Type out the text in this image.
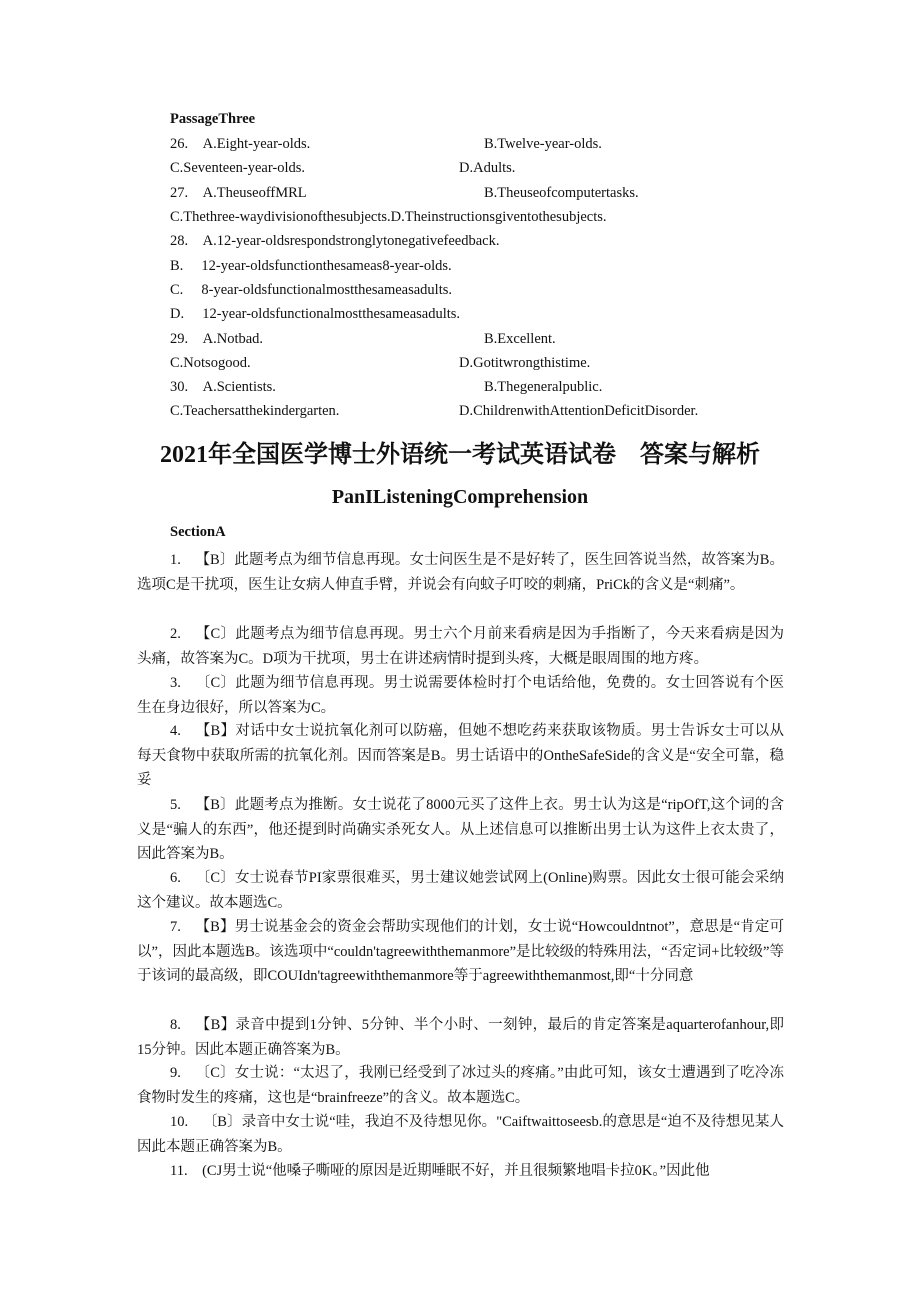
PassageThree
26. A.Eight-year-olds.	B.Twelve-year-olds.
C.Seventeen-year-olds.	D.Adults.
27. A.TheuseoffMRL	B.Theuseofcomputertasks.
C.Thethree-waydivisionofthesubjects.D.Theinstructionsgiventothesubjects.
28. A.12-year-oldsrespondstronglytonegativefeedback.
B.  12-year-oldsfunctionthesameas8-year-olds.
C.  8-year-oldsfunctionalmostthesameasadults.
D.  12-year-oldsfunctionalmostthesameasadults.
29. A.Notbad.	B.Excellent.
C.Notsogood.	D.Gotitwrongthistime.
30. A.Scientists.	B.Thegeneralpublic.
C.Teachersatthekindergarten.	D.ChildrenwithAttentionDeficitDisorder.
2021年全国医学博士外语统一考试英语试卷　答案与解析
PanIListeningComprehension
SectionA
1. 【B〕此题考点为细节信息再现。女士问医生是不是好转了，医生回答说当然，故答案为B。选项C是干扰项，医生让女病人伸直手臂，并说会有向蚊子叮咬的刺痛，PriCk的含义是“刺痛”。
2. 【C〕此题考点为细节信息再现。男士六个月前来看病是因为手指断了，今天来看病是因为头痛，故答案为C。D项为干扰项，男士在讲述病情时提到头疼，大概是眼周围的地方疼。
3. 〔C〕此题为细节信息再现。男士说需要体检时打个电话给他，免费的。女士回答说有个医生在身边很好，所以答案为C。
4. 【B】对话中女士说抗氧化剂可以防癌，但她不想吃药来获取该物质。男士告诉女士可以从每天食物中获取所需的抗氧化剂。因而答案是B。男士话语中的OntheSafeSide的含义是“安全可靠，稳妥
5. 【B〕此题考点为推断。女士说花了8000元买了这件上衣。男士认为这是“ripOfT,这个词的含义是“骗人的东西”，他还提到时尚确实杀死女人。从上述信息可以推断出男士认为这件上衣太贵了，因此答案为B。
6. 〔C〕女士说春节PI家票很难买，男士建议她尝试网上(Online)购票。因此女士很可能会采纳这个建议。故本题选C。
7. 【B】男士说基金会的资金会帮助实现他们的计划，女士说“Howcouldntnot”，意思是“肯定可以”，因此本题选B。该选项中“couldn'tagreewiththemanmore”是比较级的特殊用法，“否定词+比较级”等于该词的最高级，即COUIdn'tagreewiththemanmore等于agreewiththemanmost,即“十分同意
8. 【B】录音中提到1分钟、5分钟、半个小时、一刻钟，最后的肯定答案是aquarterofanhour,即15分钟。因此本题正确答案为B。
9. 〔C〕女士说：“太迟了，我刚已经受到了冰过头的疼痛。”由此可知，该女士遭遇到了吃冷冻食物时发生的疼痛，这也是“brainfreeze”的含义。故本题选C。
10. 〔B〕录音中女士说“哇，我迫不及待想见你。"Caiftwaittoseesb.的意思是“迫不及待想见某人因此本题正确答案为B。
11. (CJ男士说“他嗓子嘶哑的原因是近期唾眠不好，并且很频繁地唱卡拉0K。”因此他
